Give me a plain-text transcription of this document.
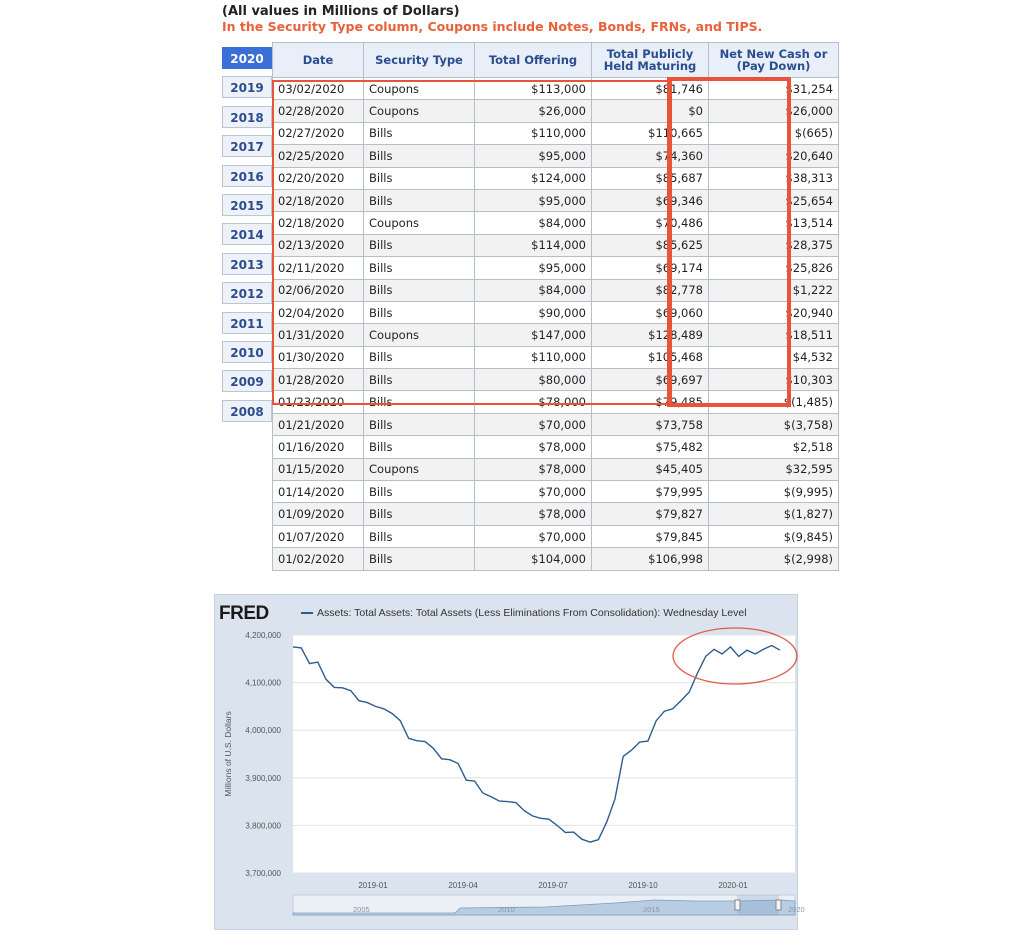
(All values in Millions of Dollars)
In the Security Type column, Coupons include Notes, Bonds, FRNs, and TIPS.
2020
2019
2018
2017
2016
2015
2014
2013
2012
2011
2010
2009
2008
Date	Security Type	Total Offering	Total Publicly Held Maturing	Net New Cash or (Pay Down)
03/02/2020	Coupons	$113,000	$81,746	$31,254
02/28/2020	Coupons	$26,000	$0	$26,000
02/27/2020	Bills	$110,000	$110,665	$(665)
02/25/2020	Bills	$95,000	$74,360	$20,640
02/20/2020	Bills	$124,000	$85,687	$38,313
02/18/2020	Bills	$95,000	$69,346	$25,654
02/18/2020	Coupons	$84,000	$70,486	$13,514
02/13/2020	Bills	$114,000	$85,625	$28,375
02/11/2020	Bills	$95,000	$69,174	$25,826
02/06/2020	Bills	$84,000	$82,778	$1,222
02/04/2020	Bills	$90,000	$69,060	$20,940
01/31/2020	Coupons	$147,000	$128,489	$18,511
01/30/2020	Bills	$110,000	$105,468	$4,532
01/28/2020	Bills	$80,000	$69,697	$10,303
01/23/2020	Bills	$78,000	$79,485	$(1,485)
01/21/2020	Bills	$70,000	$73,758	$(3,758)
01/16/2020	Bills	$78,000	$75,482	$2,518
01/15/2020	Coupons	$78,000	$45,405	$32,595
01/14/2020	Bills	$70,000	$79,995	$(9,995)
01/09/2020	Bills	$78,000	$79,827	$(1,827)
01/07/2020	Bills	$70,000	$79,845	$(9,845)
01/02/2020	Bills	$104,000	$106,998	$(2,998)
FRED	Assets: Total Assets: Total Assets (Less Eliminations From Consolidation): Wednesday Level
4,200,000
4,100,000
4,000,000
3,900,000
3,800,000
3,700,000
Millions of U.S. Dollars
2019-01	2019-04	2019-07	2019-10	2020-01
2005	2010	2015	2020
